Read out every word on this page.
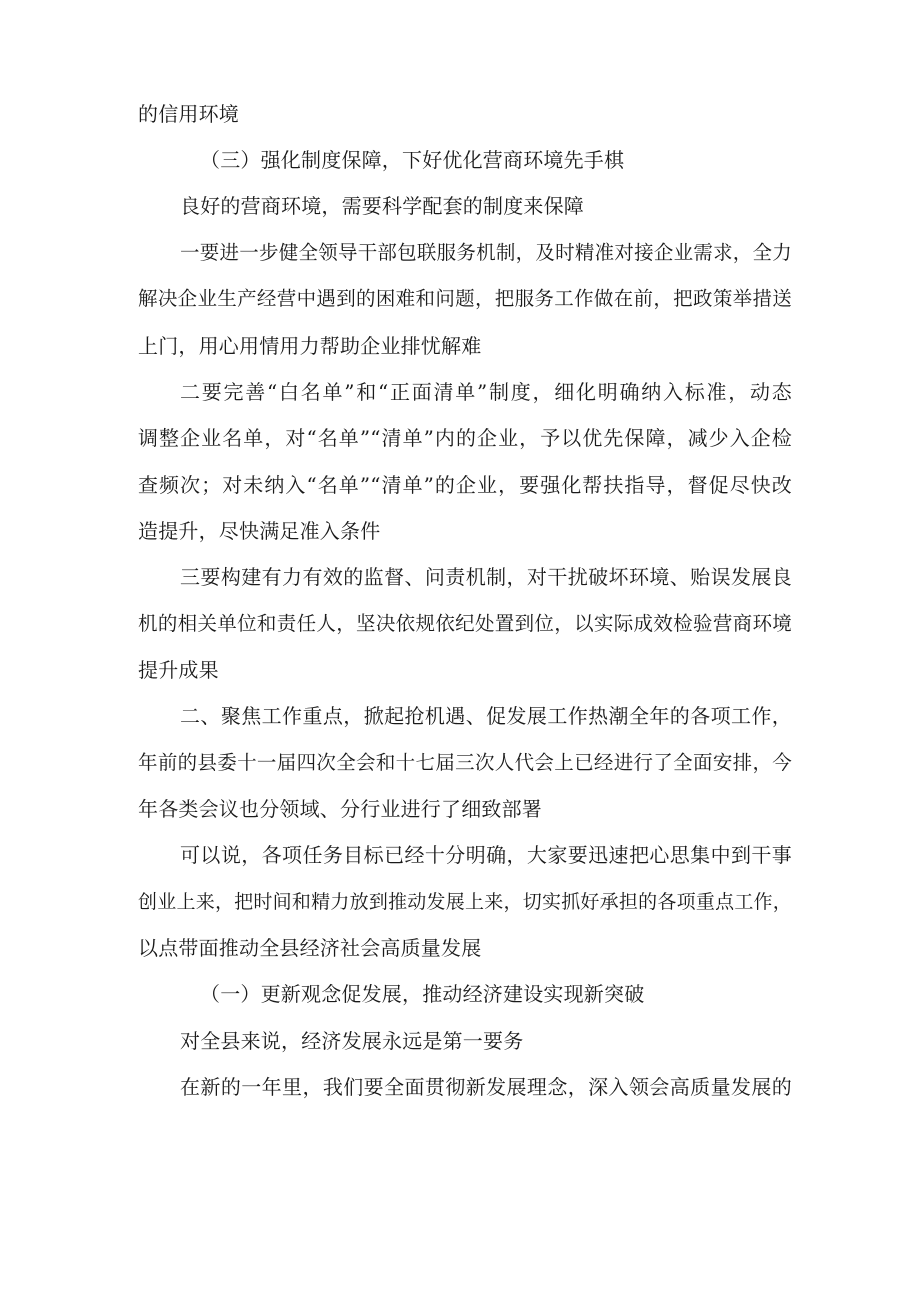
的信用环境
（三）强化制度保障，下好优化营商环境先手棋
良好的营商环境，需要科学配套的制度来保障
一要进一步健全领导干部包联服务机制，及时精准对接企业需求，全力
解决企业生产经营中遇到的困难和问题，把服务工作做在前，把政策举措送
上门，用心用情用力帮助企业排忧解难
二要完善“白名单”和“正面清单”制度，细化明确纳入标准，动态
调整企业名单，对“名单”“清单”内的企业，予以优先保障，减少入企检
查频次；对未纳入“名单”“清单”的企业，要强化帮扶指导，督促尽快改
造提升，尽快满足准入条件
三要构建有力有效的监督、问责机制，对干扰破坏环境、贻误发展良
机的相关单位和责任人，坚决依规依纪处置到位，以实际成效检验营商环境
提升成果
二、聚焦工作重点，掀起抢机遇、促发展工作热潮全年的各项工作，
年前的县委十一届四次全会和十七届三次人代会上已经进行了全面安排，今
年各类会议也分领域、分行业进行了细致部署
可以说，各项任务目标已经十分明确，大家要迅速把心思集中到干事
创业上来，把时间和精力放到推动发展上来，切实抓好承担的各项重点工作，
以点带面推动全县经济社会高质量发展
（一）更新观念促发展，推动经济建设实现新突破
对全县来说，经济发展永远是第一要务
在新的一年里，我们要全面贯彻新发展理念，深入领会高质量发展的
